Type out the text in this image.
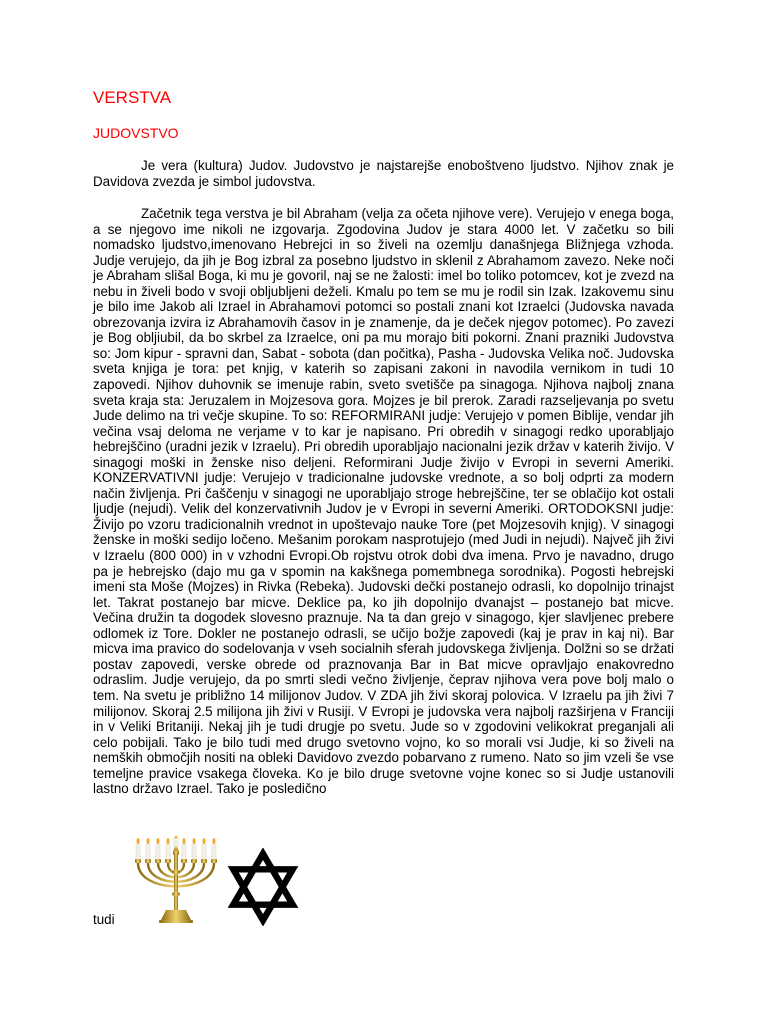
VERSTVA
JUDOVSTVO

Je vera (kultura) Judov. Judovstvo je najstarejše enoboštveno ljudstvo. Njihov znak je Davidova zvezda je simbol judovstva.

Začetnik tega verstva je bil Abraham (velja za očeta njihove vere). Verujejo v enega boga, a se njegovo ime nikoli ne izgovarja. Zgodovina Judov je stara 4000 let. V začetku so bili nomadsko ljudstvo,imenovano Hebrejci in so živeli na ozemlju današnjega Bližnjega vzhoda. Judje verujejo, da jih je Bog izbral za posebno ljudstvo in sklenil z Abrahamom zavezo. Neke noči je Abraham slišal Boga, ki mu je govoril, naj se ne žalosti: imel bo toliko potomcev, kot je zvezd na nebu in živeli bodo v svoji obljubljeni deželi. Kmalu po tem se mu je rodil sin Izak. Izakovemu sinu je bilo ime Jakob ali Izrael in Abrahamovi potomci so postali znani kot Izraelci (Judovska navada obrezovanja izvira iz Abrahamovih časov in je znamenje, da je deček njegov potomec). Po zavezi je Bog obljiubil, da bo skrbel za Izraelce, oni pa mu morajo biti pokorni. Znani prazniki Judovstva so: Jom kipur - spravni dan, Sabat - sobota (dan počitka), Pasha - Judovska Velika noč. Judovska sveta knjiga je tora: pet knjig, v katerih so zapisani zakoni in navodila vernikom in tudi 10 zapovedi. Njihov duhovnik se imenuje rabin, sveto svetišče pa sinagoga. Njihova najbolj znana sveta kraja sta: Jeruzalem in Mojzesova gora. Mojzes je bil prerok. Zaradi razseljevanja po svetu Jude delimo na tri večje skupine. To so: REFORMIRANI judje: Verujejo v pomen Biblije, vendar jih večina vsaj deloma ne verjame v to kar je napisano. Pri obredih v sinagogi redko uporabljajo hebrejščino (uradni jezik v Izraelu). Pri obredih uporabljajo nacionalni jezik držav v katerih živijo. V sinagogi moški in ženske niso deljeni. Reformirani Judje živijo v Evropi in severni Ameriki. KONZERVATIVNI judje: Verujejo v tradicionalne judovske vrednote, a so bolj odprti za modern način življenja. Pri čaščenju v sinagogi ne uporabljajo stroge hebrejščine, ter se oblačijo kot ostali ljudje (nejudi). Velik del konzervativnih Judov je v Evropi in severni Ameriki. ORTODOKSNI judje: Živijo po vzoru tradicionalnih vrednot in upoštevajo nauke Tore (pet Mojzesovih knjig). V sinagogi ženske in moški sedijo ločeno. Mešanim porokam nasprotujejo (med Judi in nejudi). Največ jih živi v Izraelu (800 000) in v vzhodni Evropi.Ob rojstvu otrok dobi dva imena. Prvo je navadno, drugo pa je hebrejsko (dajo mu ga v spomin na kakšnega pomembnega sorodnika). Pogosti hebrejski imeni sta Moše (Mojzes) in Rivka (Rebeka). Judovski dečki postanejo odrasli, ko dopolnijo trinajst let. Takrat postanejo bar micve. Deklice pa, ko jih dopolnijo dvanajst – postanejo bat micve. Večina družin ta dogodek slovesno praznuje. Na ta dan grejo v sinagogo, kjer slavljenec prebere odlomek iz Tore. Dokler ne postanejo odrasli, se učijo božje zapovedi (kaj je prav in kaj ni). Bar micva ima pravico do sodelovanja v vseh socialnih sferah judovskega življenja. Dolžni so se držati postav zapovedi, verske obrede od praznovanja Bar in Bat micve opravljajo enakovredno odraslim. Judje verujejo, da po smrti sledi večno življenje, čeprav njihova vera pove bolj malo o tem. Na svetu je približno 14 milijonov Judov. V ZDA jih živi skoraj polovica. V Izraelu pa jih živi 7 milijonov. Skoraj 2.5 milijona jih živi v Rusiji. V Evropi je judovska vera najbolj razširjena v Franciji in v Veliki Britaniji. Nekaj jih je tudi drugje po svetu. Jude so v zgodovini velikokrat preganjali ali celo pobijali. Tako je bilo tudi med drugo svetovno vojno, ko so morali vsi Judje, ki so živeli na nemških območjih nositi na obleki Davidovo zvezdo pobarvano z rumeno. Nato so jim vzeli še vse temeljne pravice vsakega človeka. Ko je bilo druge svetovne vojne konec so si Judje ustanovili lastno državo Izrael. Tako je posledično

tudi
